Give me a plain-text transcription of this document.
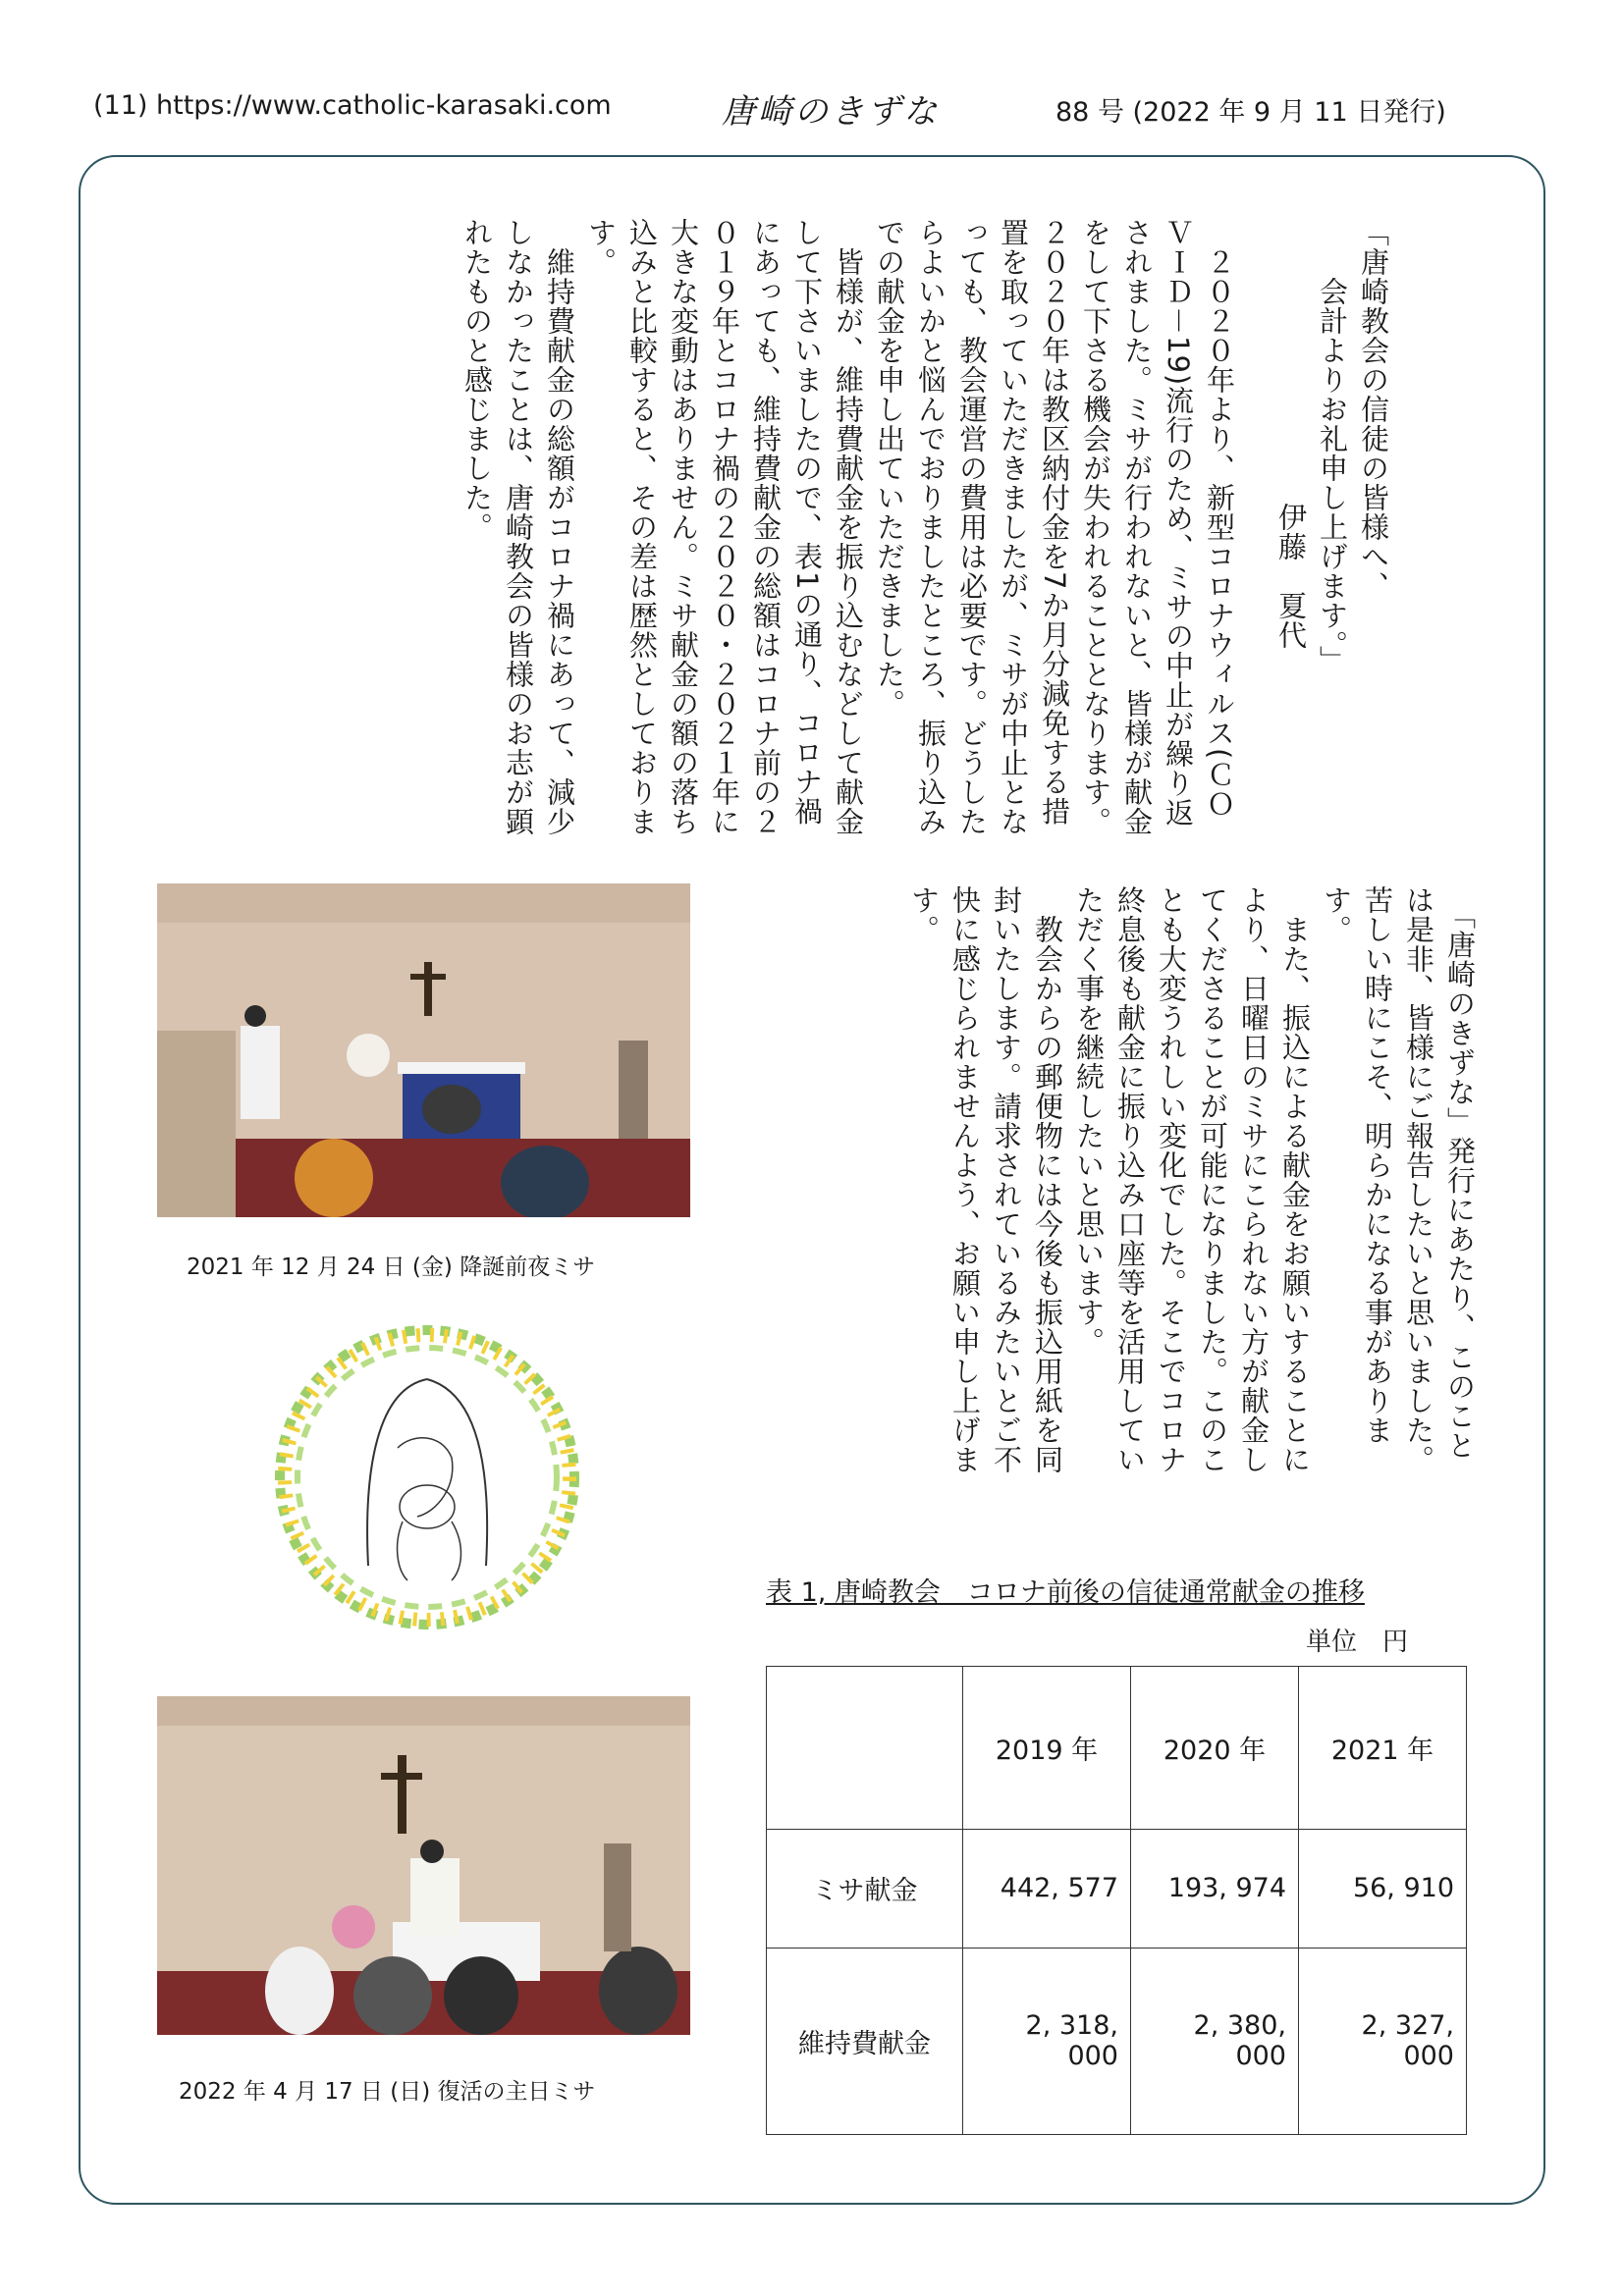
(11) https://www.catholic-karasaki.com	唐崎のきずな	88 号 (2022 年 9 月 11 日発行)

「唐崎教会の信徒の皆様へ、

　　会計よりお礼申し上げます。」

伊藤　夏代

　２０２０年より、新型コロナウィルス(ＣＯＶＩＤ－19)流行のため、ミサの中止が繰り返されました。ミサが行われないと、皆様が献金をして下さる機会が失われることとなります。２０２０年は教区納付金を7か月分減免する措置を取っていただきましたが、ミサが中止となっても、教会運営の費用は必要です。どうしたらよいかと悩んでおりましたところ、振り込みでの献金を申し出ていただきました。

　皆様が、維持費献金を振り込むなどして献金して下さいましたので、表1の通り、コロナ禍にあっても、維持費献金の総額はコロナ前の２０１９年とコロナ禍の２０２０・２０２１年に大きな変動はありません。ミサ献金の額の落ち込みと比較すると、その差は歴然としております。

　維持費献金の総額がコロナ禍にあって、減少しなかったことは、唐崎教会の皆様のお志が顕れたものと感じました。

　「唐崎のきずな」発行にあたり、このことは是非、皆様にご報告したいと思いました。苦しい時にこそ、明らかになる事があります。

　また、振込による献金をお願いすることにより、日曜日のミサにこられない方が献金してくださることが可能になりました。このことも大変うれしい変化でした。そこでコロナ終息後も献金に振り込み口座等を活用していただく事を継続したいと思います。

　教会からの郵便物には今後も振込用紙を同封いたします。請求されているみたいとご不快に感じられませんよう、お願い申し上げます。

2021 年 12 月 24 日 (金) 降誕前夜ミサ
2022 年 4 月 17 日 (日) 復活の主日ミサ
表 1, 唐崎教会　コロナ前後の信徒通常献金の推移
単位　円
	2019 年	2020 年	2021 年
ミサ献金	442, 577	193, 974	56, 910
維持費献金	2, 318, 000	2, 380, 000	2, 327, 000
